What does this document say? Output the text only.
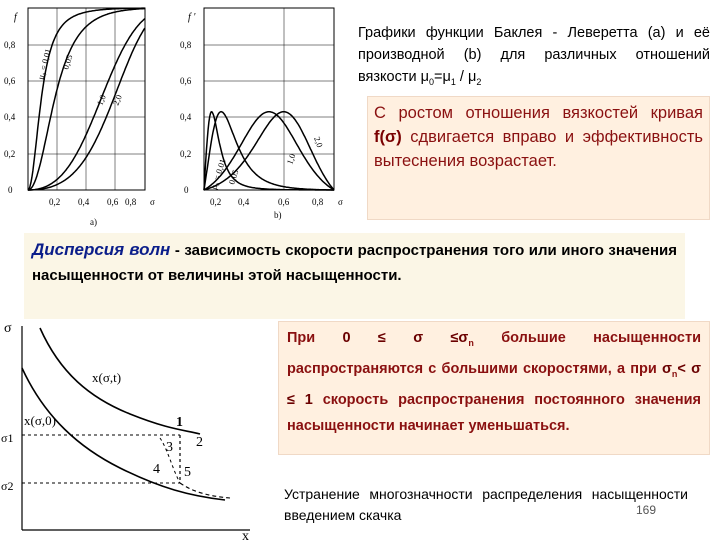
f
0,8
0,6
0,4
0,2
0
0,2 0,4 0,6 0,8 σ
a)
μ₀ = 0,01 0,05
1,0 2,0
f '
0,8
0,6
0,4
0,2
0
0,2 0,4	0,6	0,8 σ
b)
μ₀ = 0,01
0,05
1,0
2,0
Графики функции Баклея - Леверетта (a) и её производной (b) для различных отношений вязкости $\mu_0=\mu_1 / \mu_2$
С ростом отношения вязкостей кривая f(σ) сдвигается вправо и эффективность вытеснения возрастает.
Дисперсия волн - зависимость скорости распространения того или иного значения насыщенности от величины этой насыщенности.
σ
x
σ1
σ2
x(σ,t)
x(σ,0)	1
2
3
4 5
При $0 \le \sigma \le\sigma_n$ большие насыщенности распространяются с большими скоростями, а при $\sigma_n< \sigma \le 1$ скорость распространения постоянного значения насыщенности начинает уменьшаться.
Устранение многозначности распределения насыщенности введением скачка	169
